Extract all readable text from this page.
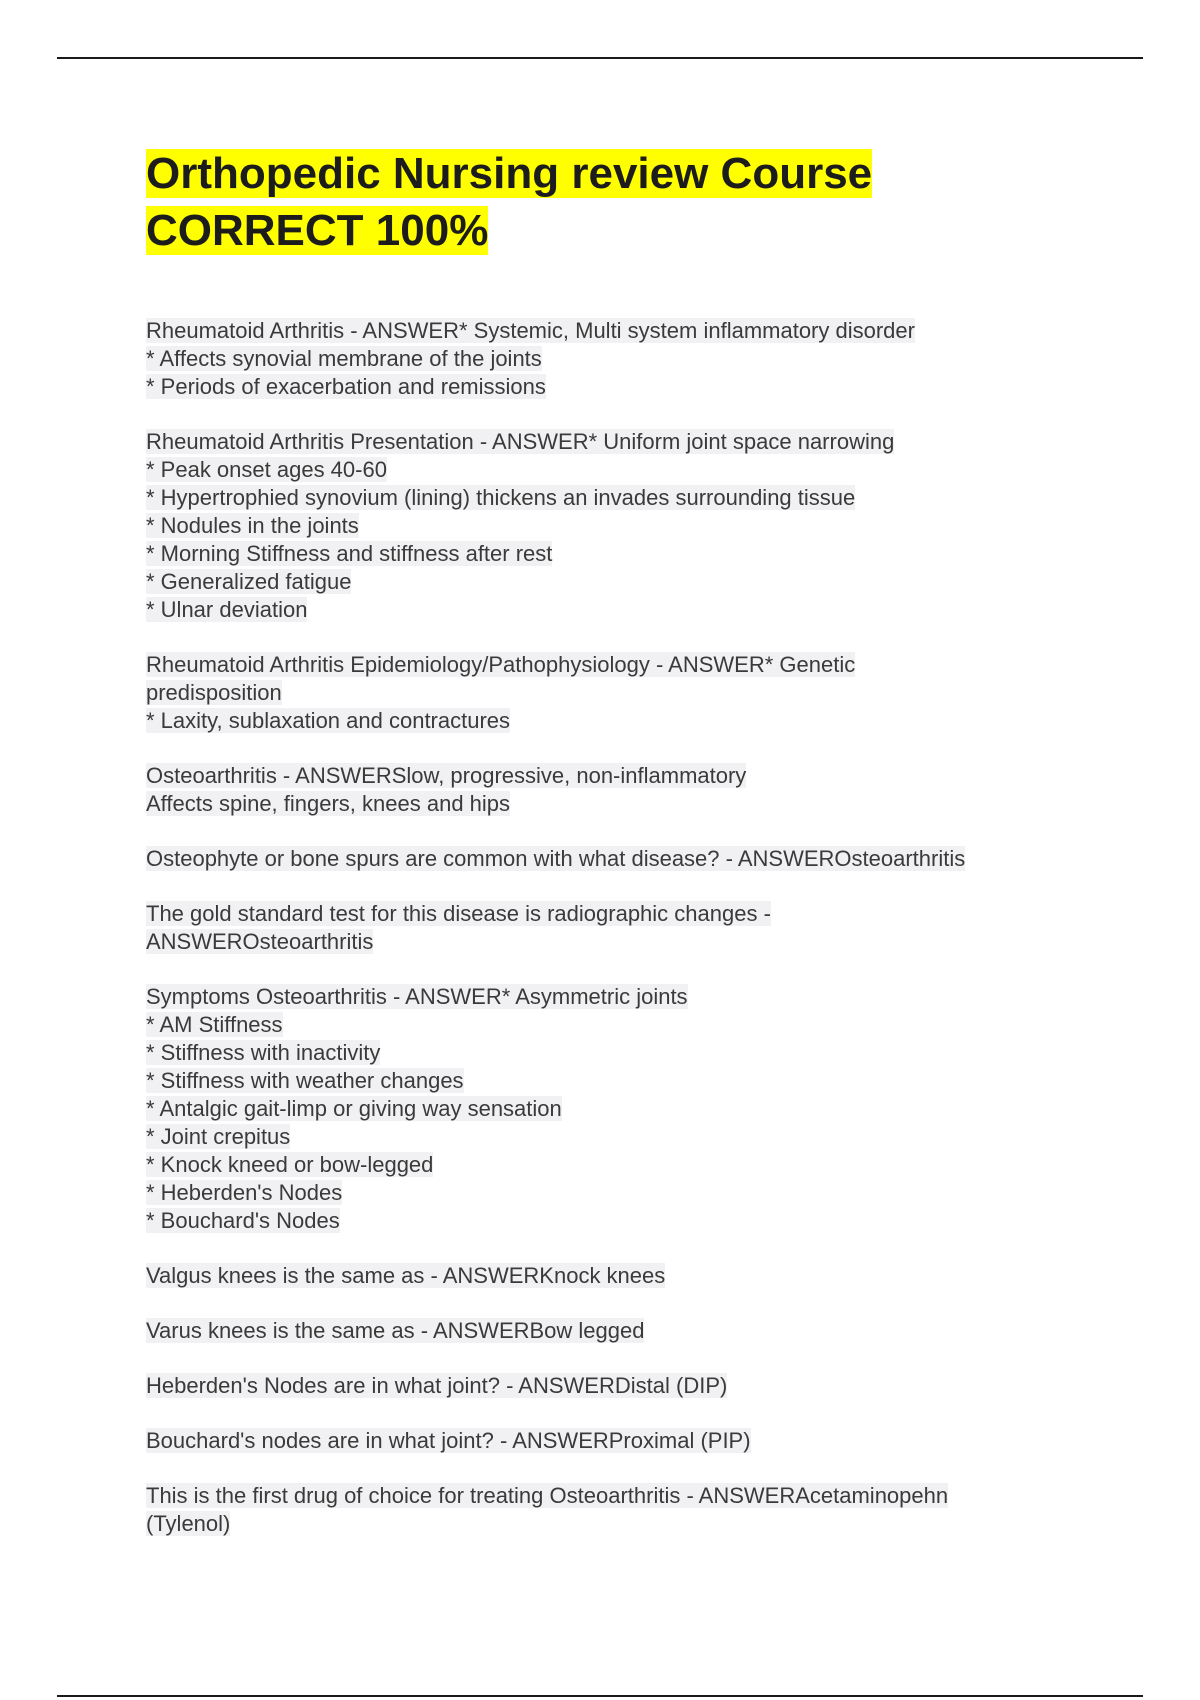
Orthopedic Nursing review Course CORRECT 100%

Rheumatoid Arthritis - ANSWER* Systemic, Multi system inflammatory disorder
* Affects synovial membrane of the joints
* Periods of exacerbation and remissions

Rheumatoid Arthritis Presentation - ANSWER* Uniform joint space narrowing
* Peak onset ages 40-60
* Hypertrophied synovium (lining) thickens an invades surrounding tissue
* Nodules in the joints
* Morning Stiffness and stiffness after rest
* Generalized fatigue
* Ulnar deviation

Rheumatoid Arthritis Epidemiology/Pathophysiology - ANSWER* Genetic
predisposition
* Laxity, sublaxation and contractures

Osteoarthritis - ANSWERSlow, progressive, non-inflammatory
Affects spine, fingers, knees and hips

Osteophyte or bone spurs are common with what disease? - ANSWEROsteoarthritis

The gold standard test for this disease is radiographic changes -
ANSWEROsteoarthritis

Symptoms Osteoarthritis - ANSWER* Asymmetric joints
* AM Stiffness
* Stiffness with inactivity
* Stiffness with weather changes
* Antalgic gait-limp or giving way sensation
* Joint crepitus
* Knock kneed or bow-legged
* Heberden's Nodes
* Bouchard's Nodes

Valgus knees is the same as - ANSWERKnock knees

Varus knees is the same as - ANSWERBow legged

Heberden's Nodes are in what joint? - ANSWERDistal (DIP)

Bouchard's nodes are in what joint? - ANSWERProximal (PIP)

This is the first drug of choice for treating Osteoarthritis - ANSWERAcetaminopehn
(Tylenol)
